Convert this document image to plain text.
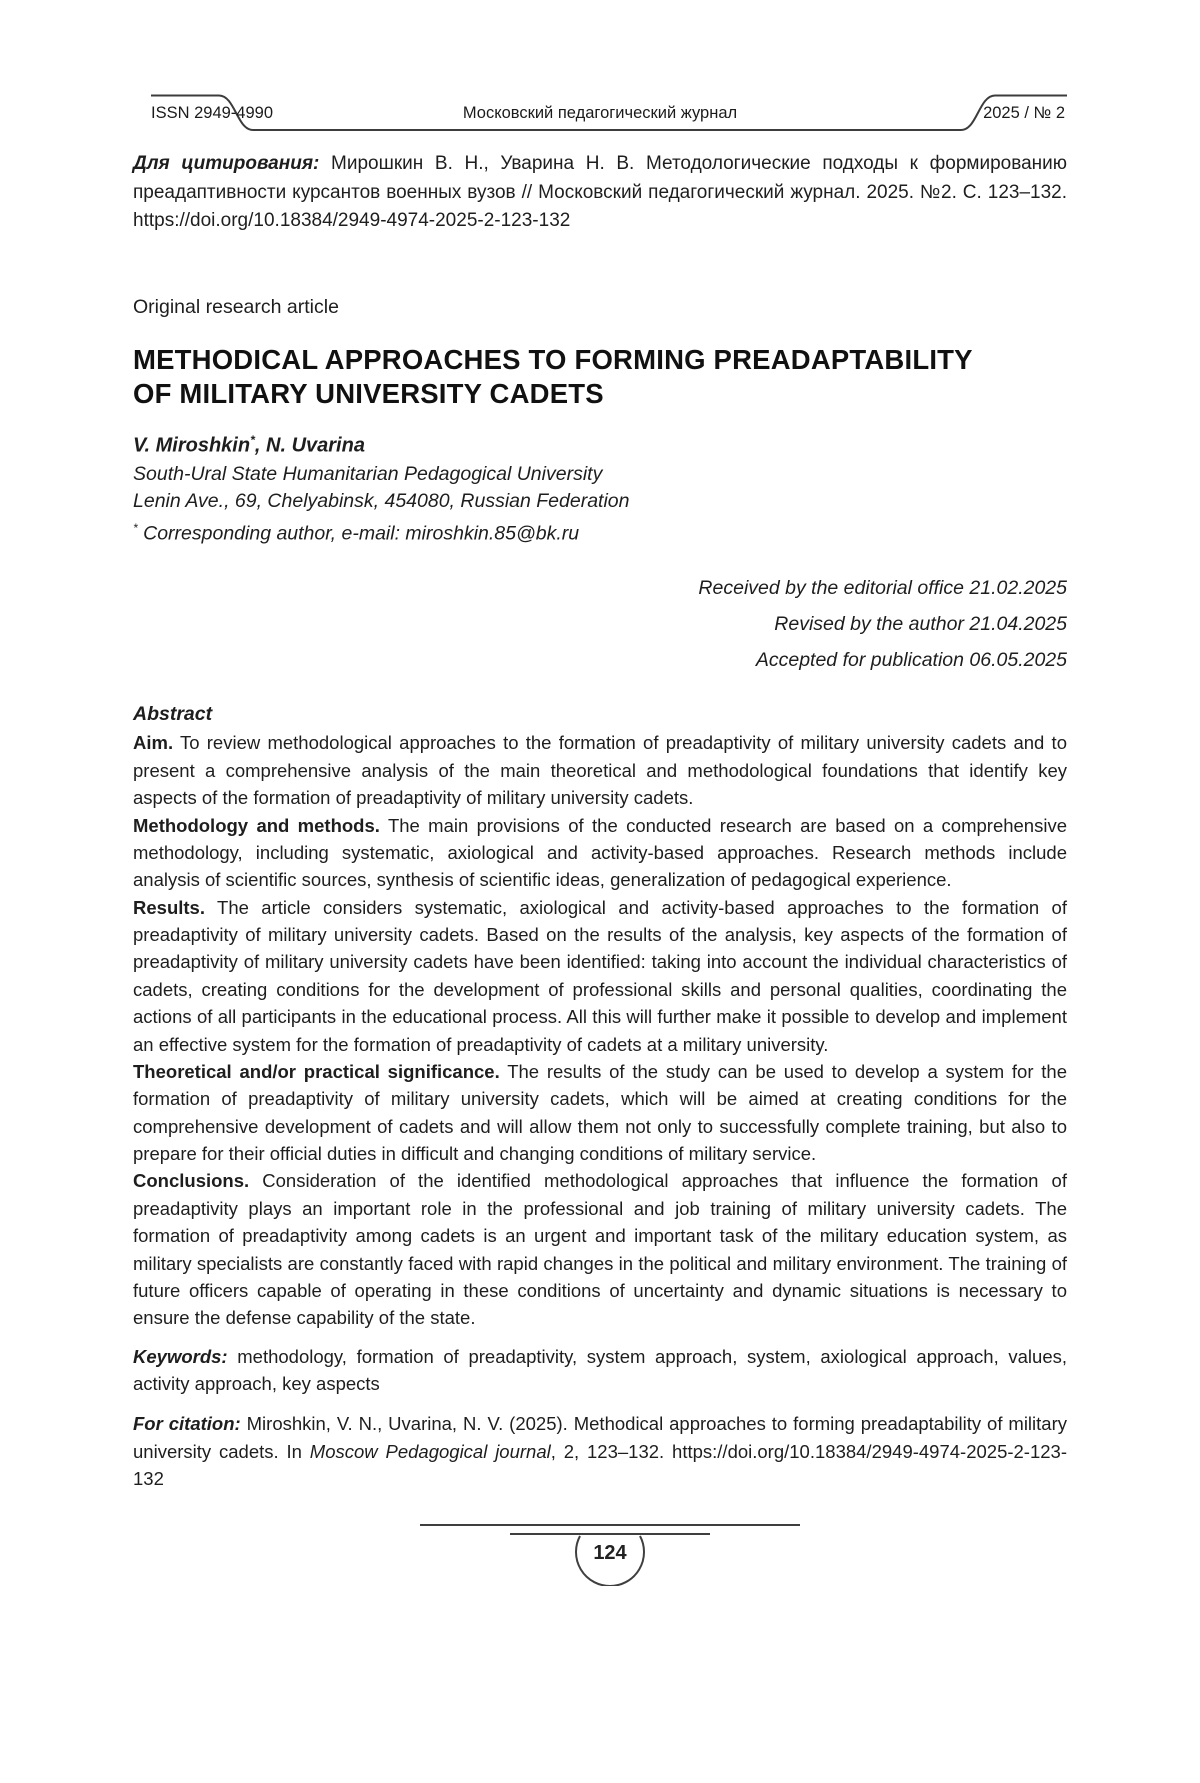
ISSN 2949-4990	Московский педагогический журнал	2025 / № 2

Для цитирования: Мирошкин В. Н., Уварина Н. В. Методологические подходы к формированию преадаптивности курсантов военных вузов // Московский педагогический журнал. 2025. №2. С. 123–132. https://doi.org/10.18384/2949-4974-2025-2-123-132

Original research article

METHODICAL APPROACHES TO FORMING PREADAPTABILITY
OF MILITARY UNIVERSITY CADETS

V. Miroshkin*, N. Uvarina

South-Ural State Humanitarian Pedagogical University

Lenin Ave., 69, Chelyabinsk, 454080, Russian Federation

* Corresponding author, e-mail: miroshkin.85@bk.ru

Received by the editorial office 21.02.2025

Revised by the author 21.04.2025

Accepted for publication 06.05.2025

Abstract

Aim. To review methodological approaches to the formation of preadaptivity of military university cadets and to present a comprehensive analysis of the main theoretical and methodological foundations that identify key aspects of the formation of preadaptivity of military university cadets.

Methodology and methods. The main provisions of the conducted research are based on a comprehensive methodology, including systematic, axiological and activity-based approaches. Research methods include analysis of scientific sources, synthesis of scientific ideas, generalization of pedagogical experience.

Results. The article considers systematic, axiological and activity-based approaches to the formation of preadaptivity of military university cadets. Based on the results of the analysis, key aspects of the formation of preadaptivity of military university cadets have been identified: taking into account the individual characteristics of cadets, creating conditions for the development of professional skills and personal qualities, coordinating the actions of all participants in the educational process. All this will further make it possible to develop and implement an effective system for the formation of preadaptivity of cadets at a military university.

Theoretical and/or practical significance. The results of the study can be used to develop a system for the formation of preadaptivity of military university cadets, which will be aimed at creating conditions for the comprehensive development of cadets and will allow them not only to successfully complete training, but also to prepare for their official duties in difficult and changing conditions of military service.

Conclusions. Consideration of the identified methodological approaches that influence the formation of preadaptivity plays an important role in the professional and job training of military university cadets. The formation of preadaptivity among cadets is an urgent and important task of the military education system, as military specialists are constantly faced with rapid changes in the political and military environment. The training of future officers capable of operating in these conditions of uncertainty and dynamic situations is necessary to ensure the defense capability of the state.

Keywords: methodology, formation of preadaptivity, system approach, system, axiological approach, values, activity approach, key aspects

For citation: Miroshkin, V. N., Uvarina, N. V. (2025). Methodical approaches to forming preadaptability of military university cadets. In Moscow Pedagogical journal, 2, 123–132. https://doi.org/10.18384/2949-4974-2025-2-123-132

124
